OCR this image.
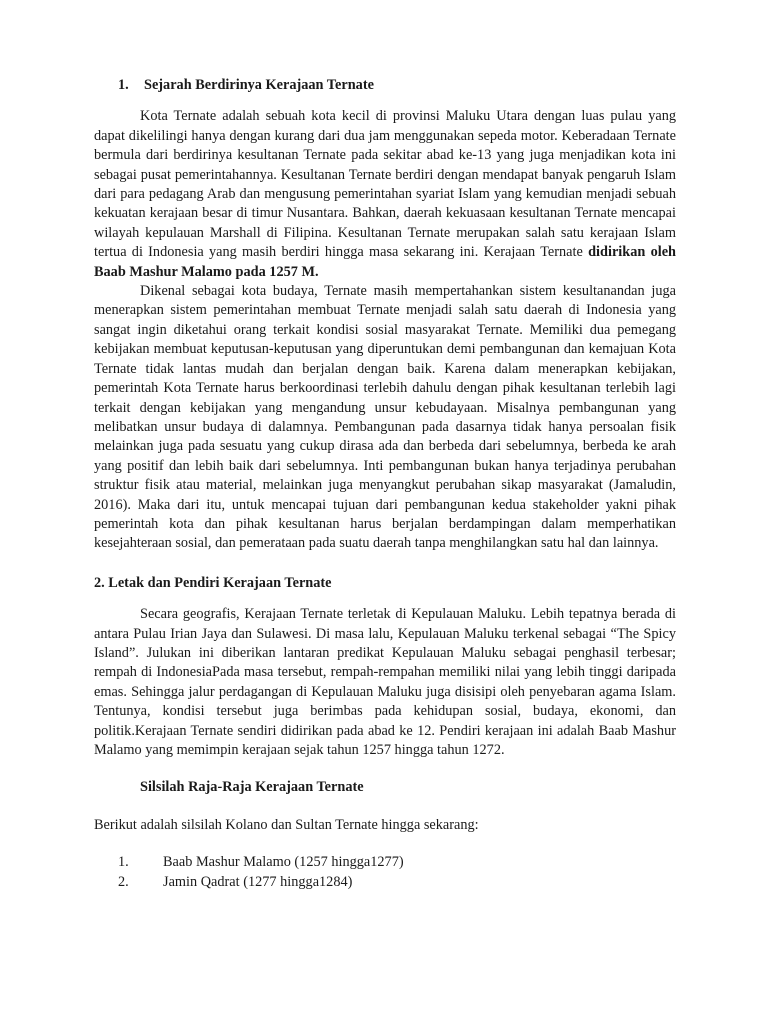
1. Sejarah Berdirinya Kerajaan Ternate

Kota Ternate adalah sebuah kota kecil di provinsi Maluku Utara dengan luas pulau yang dapat dikelilingi hanya dengan kurang dari dua jam menggunakan sepeda motor. Keberadaan Ternate bermula dari berdirinya kesultanan Ternate pada sekitar abad ke-13 yang juga menjadikan kota ini sebagai pusat pemerintahannya. Kesultanan Ternate berdiri dengan mendapat banyak pengaruh Islam dari para pedagang Arab dan mengusung pemerintahan syariat Islam yang kemudian menjadi sebuah kekuatan kerajaan besar di timur Nusantara. Bahkan, daerah kekuasaan kesultanan Ternate mencapai wilayah kepulauan Marshall di Filipina. Kesultanan Ternate merupakan salah satu kerajaan Islam tertua di Indonesia yang masih berdiri hingga masa sekarang ini. Kerajaan Ternate didirikan oleh Baab Mashur Malamo pada 1257 M.

Dikenal sebagai kota budaya, Ternate masih mempertahankan sistem kesultanandan juga menerapkan sistem pemerintahan membuat Ternate menjadi salah satu daerah di Indonesia yang sangat ingin diketahui orang terkait kondisi sosial masyarakat Ternate. Memiliki dua pemegang kebijakan membuat keputusan-keputusan yang diperuntukan demi pembangunan dan kemajuan Kota Ternate tidak lantas mudah dan berjalan dengan baik. Karena dalam menerapkan kebijakan, pemerintah Kota Ternate harus berkoordinasi terlebih dahulu dengan pihak kesultanan terlebih lagi terkait dengan kebijakan yang mengandung unsur kebudayaan. Misalnya pembangunan yang melibatkan unsur budaya di dalamnya. Pembangunan pada dasarnya tidak hanya persoalan fisik melainkan juga pada sesuatu yang cukup dirasa ada dan berbeda dari sebelumnya, berbeda ke arah yang positif dan lebih baik dari sebelumnya. Inti pembangunan bukan hanya terjadinya perubahan struktur fisik atau material, melainkan juga menyangkut perubahan sikap masyarakat (Jamaludin, 2016). Maka dari itu, untuk mencapai tujuan dari pembangunan kedua stakeholder yakni pihak pemerintah kota dan pihak kesultanan harus berjalan berdampingan dalam memperhatikan kesejahteraan sosial, dan pemerataan pada suatu daerah tanpa menghilangkan satu hal dan lainnya.

2. Letak dan Pendiri Kerajaan Ternate

Secara geografis, Kerajaan Ternate terletak di Kepulauan Maluku. Lebih tepatnya berada di antara Pulau Irian Jaya dan Sulawesi. Di masa lalu, Kepulauan Maluku terkenal sebagai “The Spicy Island”. Julukan ini diberikan lantaran predikat Kepulauan Maluku sebagai penghasil terbesar; rempah di IndonesiaPada masa tersebut, rempah-rempahan memiliki nilai yang lebih tinggi daripada emas. Sehingga jalur perdagangan di Kepulauan Maluku juga disisipi oleh penyebaran agama Islam. Tentunya, kondisi tersebut juga berimbas pada kehidupan sosial, budaya, ekonomi, dan politik.Kerajaan Ternate sendiri didirikan pada abad ke 12. Pendiri kerajaan ini adalah Baab Mashur Malamo yang memimpin kerajaan sejak tahun 1257 hingga tahun 1272.

Silsilah Raja-Raja Kerajaan Ternate

Berikut adalah silsilah Kolano dan Sultan Ternate hingga sekarang:

1.	Baab Mashur Malamo (1257 hingga1277)
2.	Jamin Qadrat (1277 hingga1284)
